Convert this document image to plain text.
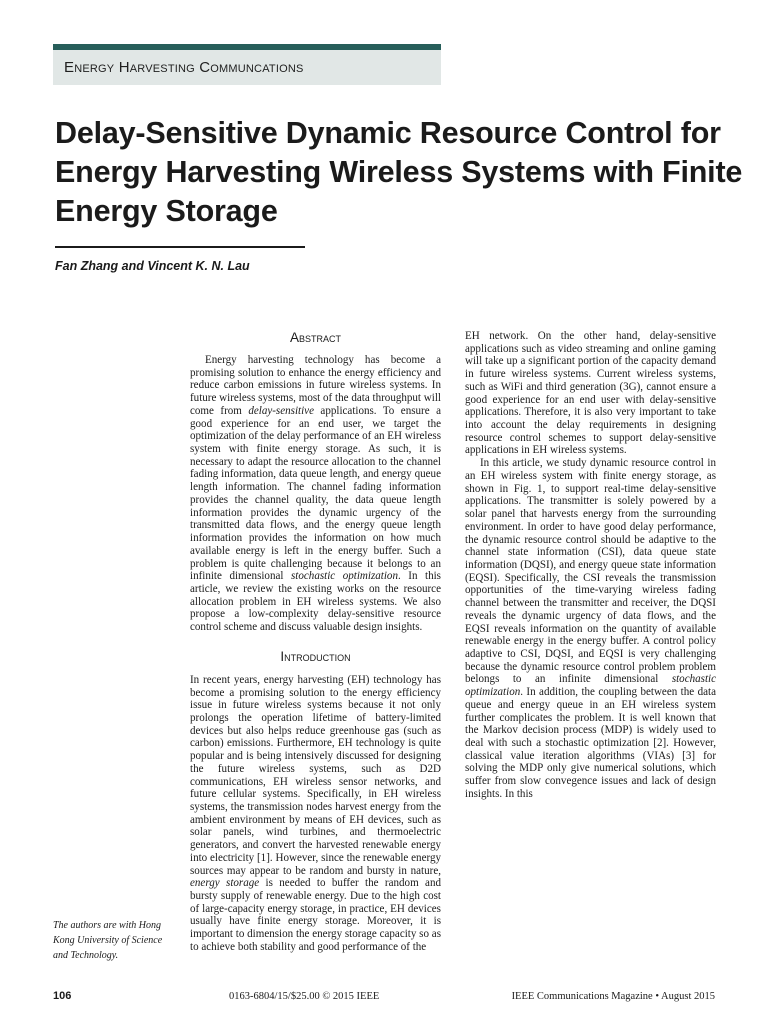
Energy Harvesting Communcations
Delay-Sensitive Dynamic Resource Control for Energy Harvesting Wireless Systems with Finite Energy Storage
Fan Zhang and Vincent K. N. Lau
The authors are with Hong Kong University of Science and Technology.
Abstract

Energy harvesting technology has become a promising solution to enhance the energy efficiency and reduce carbon emissions in future wireless systems. In future wireless systems, most of the data throughput will come from delay-sensitive applications. To ensure a good experience for an end user, we target the optimization of the delay performance of an EH wireless system with finite energy storage. As such, it is necessary to adapt the resource allocation to the channel fading information, data queue length, and energy queue length information. The channel fading information provides the channel quality, the data queue length information provides the dynamic urgency of the transmitted data flows, and the energy queue length information provides the information on how much available energy is left in the energy buffer. Such a problem is quite challenging because it belongs to an infinite dimensional stochastic optimization. In this article, we review the existing works on the resource allocation problem in EH wireless systems. We also propose a low-complexity delay-sensitive resource control scheme and discuss valuable design insights.

Introduction

In recent years, energy harvesting (EH) technology has become a promising solution to the energy efficiency issue in future wireless systems because it not only prolongs the operation lifetime of battery-limited devices but also helps reduce greenhouse gas (such as carbon) emissions. Furthermore, EH technology is quite popular and is being intensively discussed for designing the future wireless systems, such as D2D communications, EH wireless sensor networks, and future cellular systems. Specifically, in EH wireless systems, the transmission nodes harvest energy from the ambient environment by means of EH devices, such as solar panels, wind turbines, and thermoelectric generators, and convert the harvested renewable energy into electricity [1]. However, since the renewable energy sources may appear to be random and bursty in nature, energy storage is needed to buffer the random and bursty supply of renewable energy. Due to the high cost of large-capacity energy storage, in practice, EH devices usually have finite energy storage. Moreover, it is important to dimension the energy storage capacity so as to achieve both stability and good performance of the

EH network. On the other hand, delay-sensitive applications such as video streaming and online gaming will take up a significant portion of the capacity demand in future wireless systems. Current wireless systems, such as WiFi and third generation (3G), cannot ensure a good experience for an end user with delay-sensitive applications. Therefore, it is also very important to take into account the delay requirements in designing resource control schemes to support delay-sensitive applications in EH wireless systems.

In this article, we study dynamic resource control in an EH wireless system with finite energy storage, as shown in Fig. 1, to support real-time delay-sensitive applications. The transmitter is solely powered by a solar panel that harvests energy from the surrounding environment. In order to have good delay performance, the dynamic resource control should be adaptive to the channel state information (CSI), data queue state information (DQSI), and energy queue state information (EQSI). Specifically, the CSI reveals the transmission opportunities of the time-varying wireless fading channel between the transmitter and receiver, the DQSI reveals the dynamic urgency of data flows, and the EQSI reveals information on the quantity of available renewable energy in the energy buffer. A control policy adaptive to CSI, DQSI, and EQSI is very challenging because the dynamic resource control problem problem belongs to an infinite dimensional stochastic optimization. In addition, the coupling between the data queue and energy queue in an EH wireless system further complicates the problem. It is well known that the Markov decision process (MDP) is widely used to deal with such a stochastic optimization [2]. However, classical value iteration algorithms (VIAs) [3] for solving the MDP only give numerical solutions, which suffer from slow convegence issues and lack of design insights. In this

106	0163-6804/15/$25.00 © 2015 IEEE	IEEE Communications Magazine • August 2015
